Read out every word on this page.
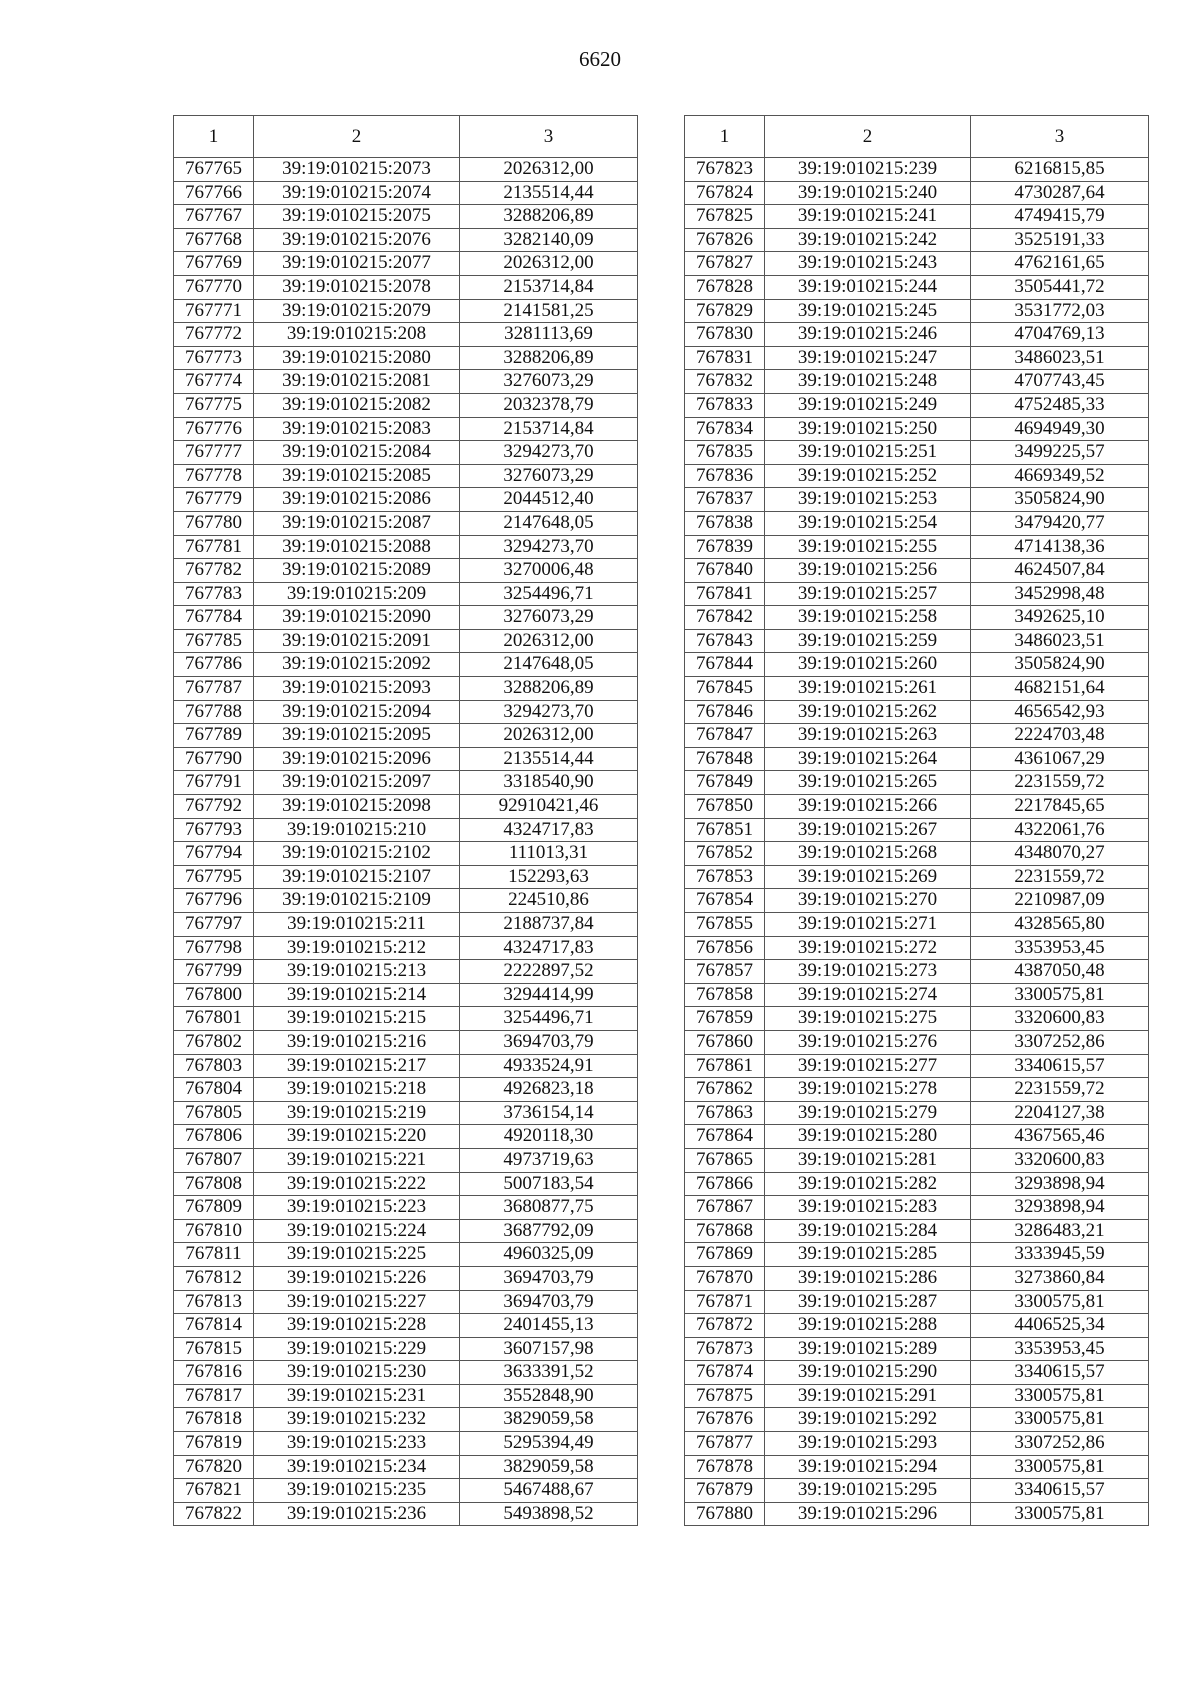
6620
1	2	3
767765	39:19:010215:2073	2026312,00
767766	39:19:010215:2074	2135514,44
767767	39:19:010215:2075	3288206,89
767768	39:19:010215:2076	3282140,09
767769	39:19:010215:2077	2026312,00
767770	39:19:010215:2078	2153714,84
767771	39:19:010215:2079	2141581,25
767772	39:19:010215:208	3281113,69
767773	39:19:010215:2080	3288206,89
767774	39:19:010215:2081	3276073,29
767775	39:19:010215:2082	2032378,79
767776	39:19:010215:2083	2153714,84
767777	39:19:010215:2084	3294273,70
767778	39:19:010215:2085	3276073,29
767779	39:19:010215:2086	2044512,40
767780	39:19:010215:2087	2147648,05
767781	39:19:010215:2088	3294273,70
767782	39:19:010215:2089	3270006,48
767783	39:19:010215:209	3254496,71
767784	39:19:010215:2090	3276073,29
767785	39:19:010215:2091	2026312,00
767786	39:19:010215:2092	2147648,05
767787	39:19:010215:2093	3288206,89
767788	39:19:010215:2094	3294273,70
767789	39:19:010215:2095	2026312,00
767790	39:19:010215:2096	2135514,44
767791	39:19:010215:2097	3318540,90
767792	39:19:010215:2098	92910421,46
767793	39:19:010215:210	4324717,83
767794	39:19:010215:2102	111013,31
767795	39:19:010215:2107	152293,63
767796	39:19:010215:2109	224510,86
767797	39:19:010215:211	2188737,84
767798	39:19:010215:212	4324717,83
767799	39:19:010215:213	2222897,52
767800	39:19:010215:214	3294414,99
767801	39:19:010215:215	3254496,71
767802	39:19:010215:216	3694703,79
767803	39:19:010215:217	4933524,91
767804	39:19:010215:218	4926823,18
767805	39:19:010215:219	3736154,14
767806	39:19:010215:220	4920118,30
767807	39:19:010215:221	4973719,63
767808	39:19:010215:222	5007183,54
767809	39:19:010215:223	3680877,75
767810	39:19:010215:224	3687792,09
767811	39:19:010215:225	4960325,09
767812	39:19:010215:226	3694703,79
767813	39:19:010215:227	3694703,79
767814	39:19:010215:228	2401455,13
767815	39:19:010215:229	3607157,98
767816	39:19:010215:230	3633391,52
767817	39:19:010215:231	3552848,90
767818	39:19:010215:232	3829059,58
767819	39:19:010215:233	5295394,49
767820	39:19:010215:234	3829059,58
767821	39:19:010215:235	5467488,67
767822	39:19:010215:236	5493898,52
1	2	3
767823	39:19:010215:239	6216815,85
767824	39:19:010215:240	4730287,64
767825	39:19:010215:241	4749415,79
767826	39:19:010215:242	3525191,33
767827	39:19:010215:243	4762161,65
767828	39:19:010215:244	3505441,72
767829	39:19:010215:245	3531772,03
767830	39:19:010215:246	4704769,13
767831	39:19:010215:247	3486023,51
767832	39:19:010215:248	4707743,45
767833	39:19:010215:249	4752485,33
767834	39:19:010215:250	4694949,30
767835	39:19:010215:251	3499225,57
767836	39:19:010215:252	4669349,52
767837	39:19:010215:253	3505824,90
767838	39:19:010215:254	3479420,77
767839	39:19:010215:255	4714138,36
767840	39:19:010215:256	4624507,84
767841	39:19:010215:257	3452998,48
767842	39:19:010215:258	3492625,10
767843	39:19:010215:259	3486023,51
767844	39:19:010215:260	3505824,90
767845	39:19:010215:261	4682151,64
767846	39:19:010215:262	4656542,93
767847	39:19:010215:263	2224703,48
767848	39:19:010215:264	4361067,29
767849	39:19:010215:265	2231559,72
767850	39:19:010215:266	2217845,65
767851	39:19:010215:267	4322061,76
767852	39:19:010215:268	4348070,27
767853	39:19:010215:269	2231559,72
767854	39:19:010215:270	2210987,09
767855	39:19:010215:271	4328565,80
767856	39:19:010215:272	3353953,45
767857	39:19:010215:273	4387050,48
767858	39:19:010215:274	3300575,81
767859	39:19:010215:275	3320600,83
767860	39:19:010215:276	3307252,86
767861	39:19:010215:277	3340615,57
767862	39:19:010215:278	2231559,72
767863	39:19:010215:279	2204127,38
767864	39:19:010215:280	4367565,46
767865	39:19:010215:281	3320600,83
767866	39:19:010215:282	3293898,94
767867	39:19:010215:283	3293898,94
767868	39:19:010215:284	3286483,21
767869	39:19:010215:285	3333945,59
767870	39:19:010215:286	3273860,84
767871	39:19:010215:287	3300575,81
767872	39:19:010215:288	4406525,34
767873	39:19:010215:289	3353953,45
767874	39:19:010215:290	3340615,57
767875	39:19:010215:291	3300575,81
767876	39:19:010215:292	3300575,81
767877	39:19:010215:293	3307252,86
767878	39:19:010215:294	3300575,81
767879	39:19:010215:295	3340615,57
767880	39:19:010215:296	3300575,81
